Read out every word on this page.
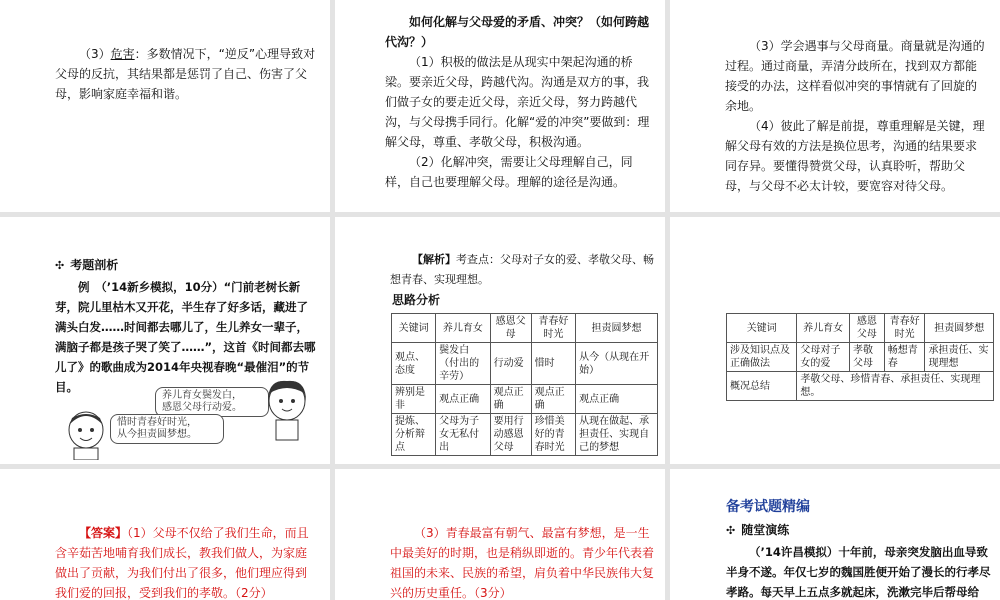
（3）危害：多数情况下，“逆反”心理导致对父母的反抗，其结果都是惩罚了自己、伤害了父母，影响家庭幸福和谐。

如何化解与父母爱的矛盾、冲突？（如何跨越代沟？）

（1）积极的做法是从现实中架起沟通的桥梁。要亲近父母，跨越代沟。沟通是双方的事，我们做子女的要走近父母，亲近父母，努力跨越代沟，与父母携手同行。化解“爱的冲突”要做到：理解父母，尊重、孝敬父母，积极沟通。

（2）化解冲突，需要让父母理解自己，同样，自己也要理解父母。理解的途径是沟通。

（3）学会遇事与父母商量。商量就是沟通的过程。通过商量，弄清分歧所在，找到双方都能接受的办法，这样看似冲突的事情就有了回旋的余地。

（4）彼此了解是前提，尊重理解是关键，理解父母有效的方法是换位思考，沟通的结果要求同存异。要懂得赞赏父母，认真聆听，帮助父母，与父母不必太计较，要宽容对待父母。

✣ 考题剖析

例　（’14新乡模拟，10分）“门前老树长新芽，院儿里枯木又开花，半生存了好多话，藏进了满头白发……时间都去哪儿了，生儿养女一辈子，满脑子都是孩子哭了笑了……”，这首《时间都去哪儿了》的歌曲成为2014年央视春晚“最催泪”的节目。

养儿育女鬓发白，
感恩父母行动爱。
惜时青春好时光，
从今担责圆梦想。

【解析】考查点：父母对子女的爱、孝敬父母、畅想青春、实现理想。

思路分析
关键词	养儿育女	感恩父母	青春好时光	担责圆梦想
观点、态度	鬓发白（付出的辛劳）	行动爱	惜时	从今（从现在开始）
辨别是非	观点正确	观点正确	观点正确	观点正确
提炼、分析辩点	父母为子女无私付出	要用行动感恩父母	珍惜美好的青春时光	从现在做起、承担责任、实现自己的梦想
关键词	养儿育女	感恩父母	青春好时光	担责圆梦想
涉及知识点及正确做法	父母对子女的爱	孝敬父母	畅想青春	承担责任、实现理想
概况总结	孝敬父母、珍惜青春、承担责任、实现理想。			

【答案】（1）父母不仅给了我们生命，而且含辛茹苦地哺育我们成长，教我们做人，为家庭做出了贡献，为我们付出了很多，他们理应得到我们爱的回报，受到我们的孝敬。（2分）

（3）青春最富有朝气、最富有梦想，是一生中最美好的时期，也是稍纵即逝的。青少年代表着祖国的未来、民族的希望，肩负着中华民族伟大复兴的历史重任。（3分）

备考试题精编
✣ 随堂演练

（’14许昌模拟）十年前，母亲突发脑出血导致半身不遂。年仅七岁的魏国胜便开始了漫长的行孝尽孝路。每天早上五点多就起床，洗漱完毕后帮母给
